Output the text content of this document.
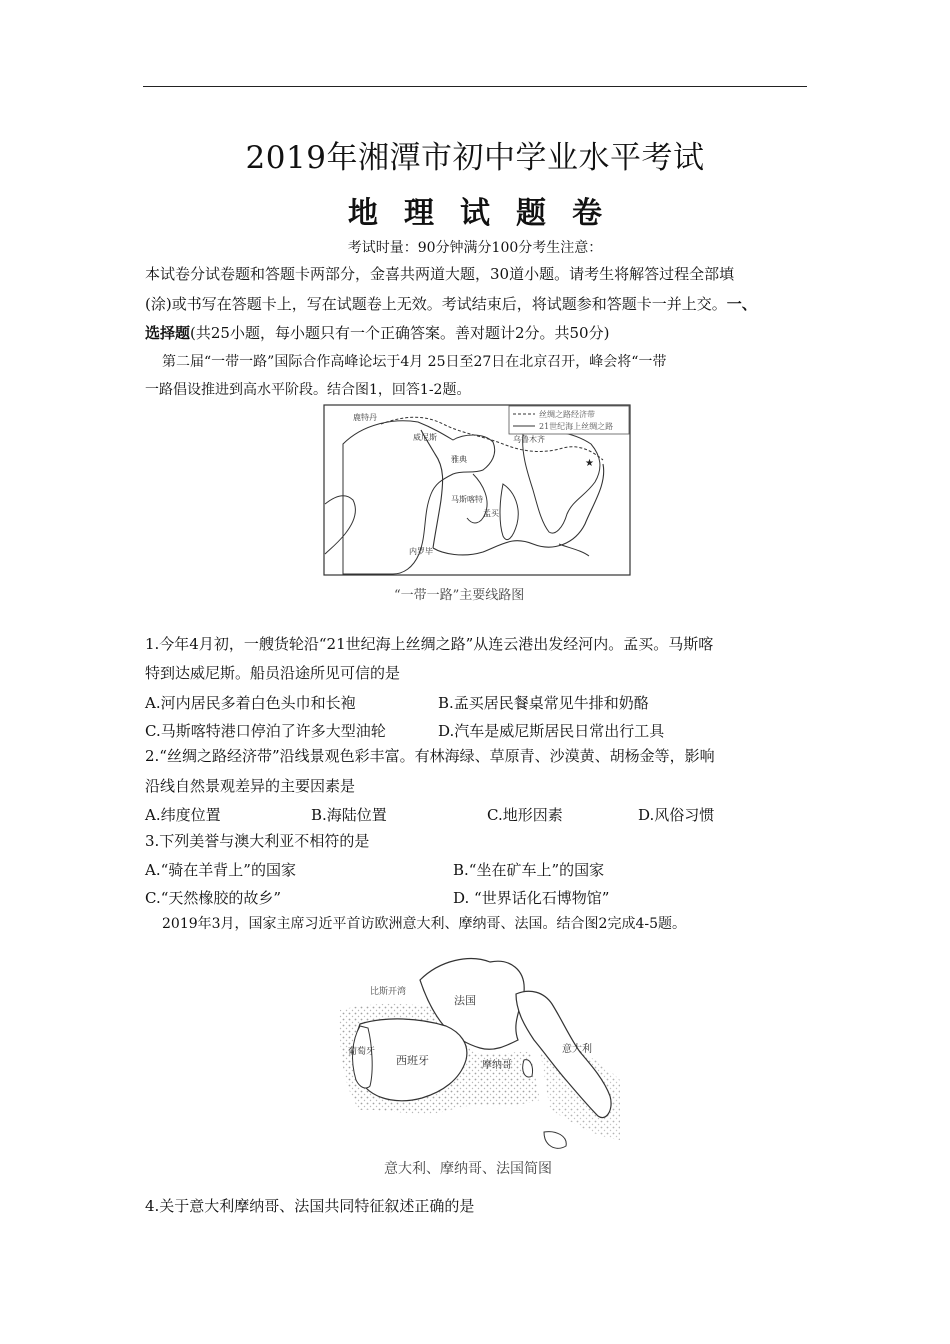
2019年湘潭市初中学业水平考试
地理试题卷
考试时量：90分钟满分100分考生注意：
本试卷分试卷题和答题卡两部分，金喜共两道大题，30道小题。请考生将解答过程全部填
(涂)或书写在答题卡上，写在试题卷上无效。考试结束后，将试题参和答题卡一并上交。一、
选择题(共25小题，每小题只有一个正确答案。善对题计2分。共50分)
第二届“一带一路”国际合作高峰论坛于4月 25日至27日在北京召开，峰会将“一带
一路倡设推进到高水平阶段。结合图1，回答1-2题。
丝绸之路经济带
21世纪海上丝绸之路
鹿特丹
威尼斯
雅典
马斯喀特
内罗毕
孟买
乌鲁木齐
★
“一带一路”主要线路图
1.今年4月初，一艘货轮沿“21世纪海上丝绸之路”从连云港出发经河内。孟买。马斯喀
特到达威尼斯。船员沿途所见可信的是
A.河内居民多着白色头巾和长袍	B.孟买居民餐桌常见牛排和奶酪
C.马斯喀特港口停泊了许多大型油轮	D.汽车是威尼斯居民日常出行工具
2.“丝绸之路经济带”沿线景观色彩丰富。有林海绿、草原青、沙漠黄、胡杨金等，影响
沿线自然景观差异的主要因素是
A.纬度位置	B.海陆位置	C.地形因素	D.风俗习惯
3.下列美誉与澳大利亚不相符的是
A.“骑在羊背上”的国家	B.“坐在矿车上”的国家
C.“天然橡胶的故乡”	D. “世界话化石博物馆”
2019年3月，国家主席习近平首访欧洲意大利、摩纳哥、法国。结合图2完成4-5题。
法国
西班牙
葡萄牙
摩纳哥
意大利
比斯开湾
意大利、摩纳哥、法国简图
4.关于意大利摩纳哥、法国共同特征叙述正确的是
